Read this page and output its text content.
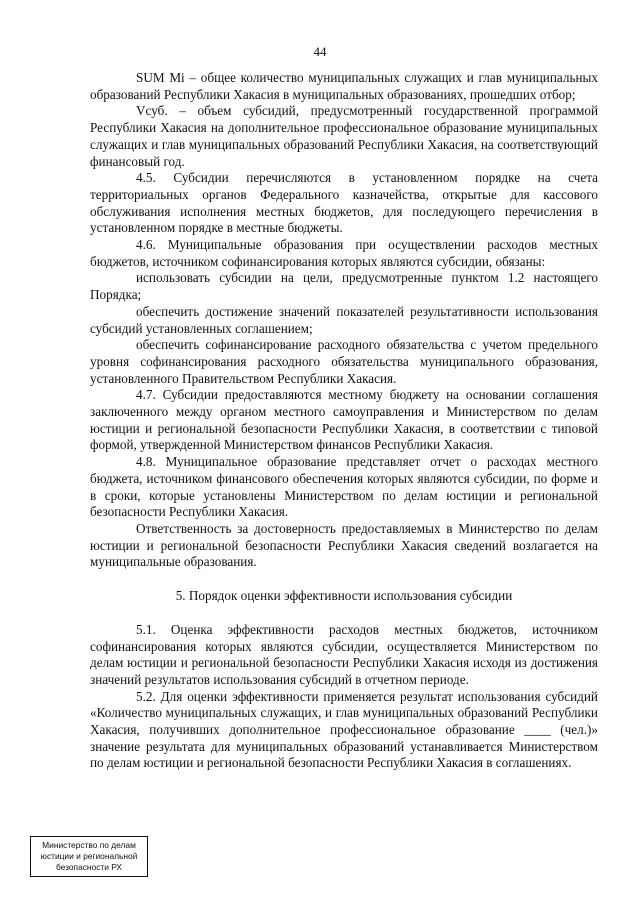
44

SUM Mi – общее количество муниципальных служащих и глав муниципальных образований Республики Хакасия в муниципальных образованиях, прошедших отбор;

Vсуб. – объем субсидий, предусмотренный государственной программой Республики Хакасия на дополнительное профессиональное образование муниципальных служащих и глав муниципальных образований Республики Хакасия, на соответствующий финансовый год.

4.5. Субсидии перечисляются в установленном порядке на счета территориальных органов Федерального казначейства, открытые для кассового обслуживания исполнения местных бюджетов, для последующего перечисления в установленном порядке в местные бюджеты.

4.6. Муниципальные образования при осуществлении расходов местных бюджетов, источником софинансирования которых являются субсидии, обязаны:

использовать субсидии на цели, предусмотренные пунктом 1.2 настоящего Порядка;

обеспечить достижение значений показателей результативности использования субсидий установленных соглашением;

обеспечить софинансирование расходного обязательства с учетом предельного уровня софинансирования расходного обязательства муниципального образования, установленного Правительством Республики Хакасия.

4.7. Субсидии предоставляются местному бюджету на основании соглашения заключенного между органом местного самоуправления и Министерством по делам юстиции и региональной безопасности Республики Хакасия, в соответствии с типовой формой, утвержденной Министерством финансов Республики Хакасия.

4.8. Муниципальное образование представляет отчет о расходах местного бюджета, источником финансового обеспечения которых являются субсидии, по форме и в сроки, которые установлены Министерством по делам юстиции и региональной безопасности Республики Хакасия.

Ответственность за достоверность предоставляемых в Министерство по делам юстиции и региональной безопасности Республики Хакасия сведений возлагается на муниципальные образования.

5. Порядок оценки эффективности использования субсидии

5.1. Оценка эффективности расходов местных бюджетов, источником софинансирования которых являются субсидии, осуществляется Министерством по делам юстиции и региональной безопасности Республики Хакасия исходя из достижения значений результатов использования субсидий в отчетном периоде.

5.2. Для оценки эффективности применяется результат использования субсидий «Количество муниципальных служащих, и глав муниципальных образований Республики Хакасия, получивших дополнительное профессиональное образование ____ (чел.)» значение результата для муниципальных образований устанавливается Министерством по делам юстиции и региональной безопасности Республики Хакасия в соглашениях.

Министерство по делам
юстиции и региональной
безопасности РХ
